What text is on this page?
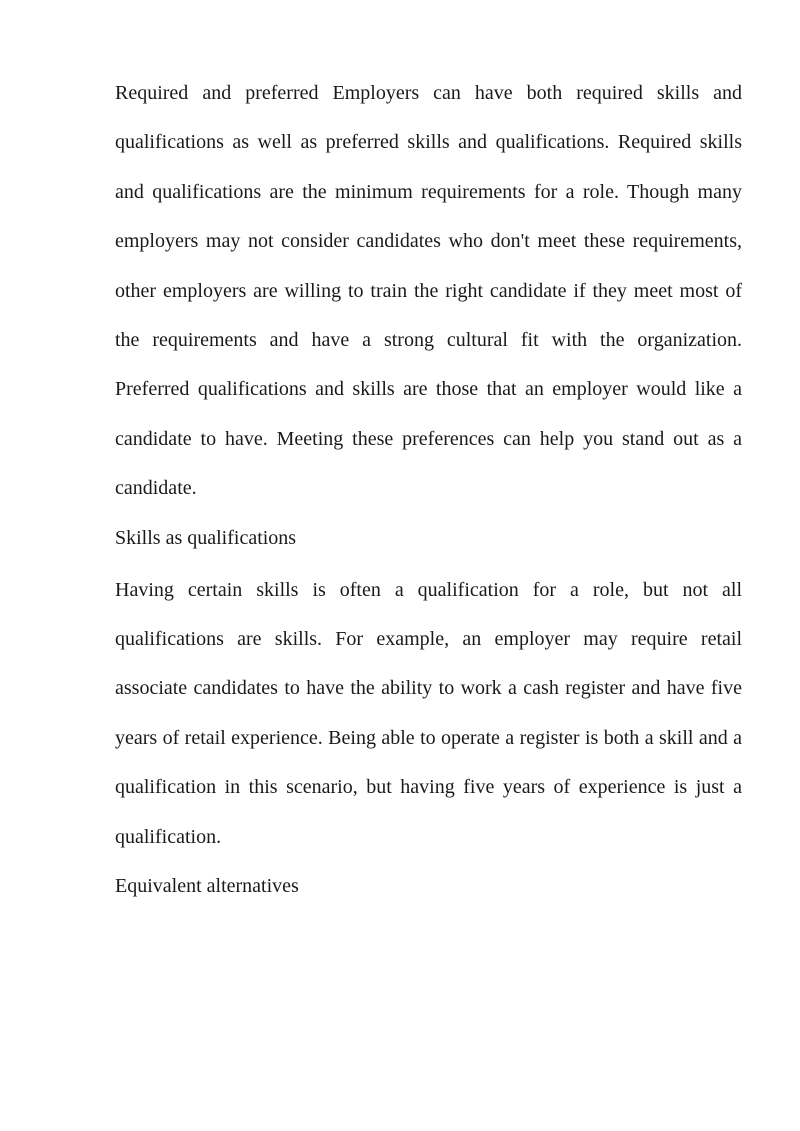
Required and preferred Employers can have both required skills and qualifications as well as preferred skills and qualifications. Required skills and qualifications are the minimum requirements for a role. Though many employers may not consider candidates who don't meet these requirements, other employers are willing to train the right candidate if they meet most of the requirements and have a strong cultural fit with the organization. Preferred qualifications and skills are those that an employer would like a candidate to have. Meeting these preferences can help you stand out as a candidate.

Skills as qualifications

Having certain skills is often a qualification for a role, but not all qualifications are skills. For example, an employer may require retail associate candidates to have the ability to work a cash register and have five years of retail experience. Being able to operate a register is both a skill and a qualification in this scenario, but having five years of experience is just a qualification.

Equivalent alternatives
